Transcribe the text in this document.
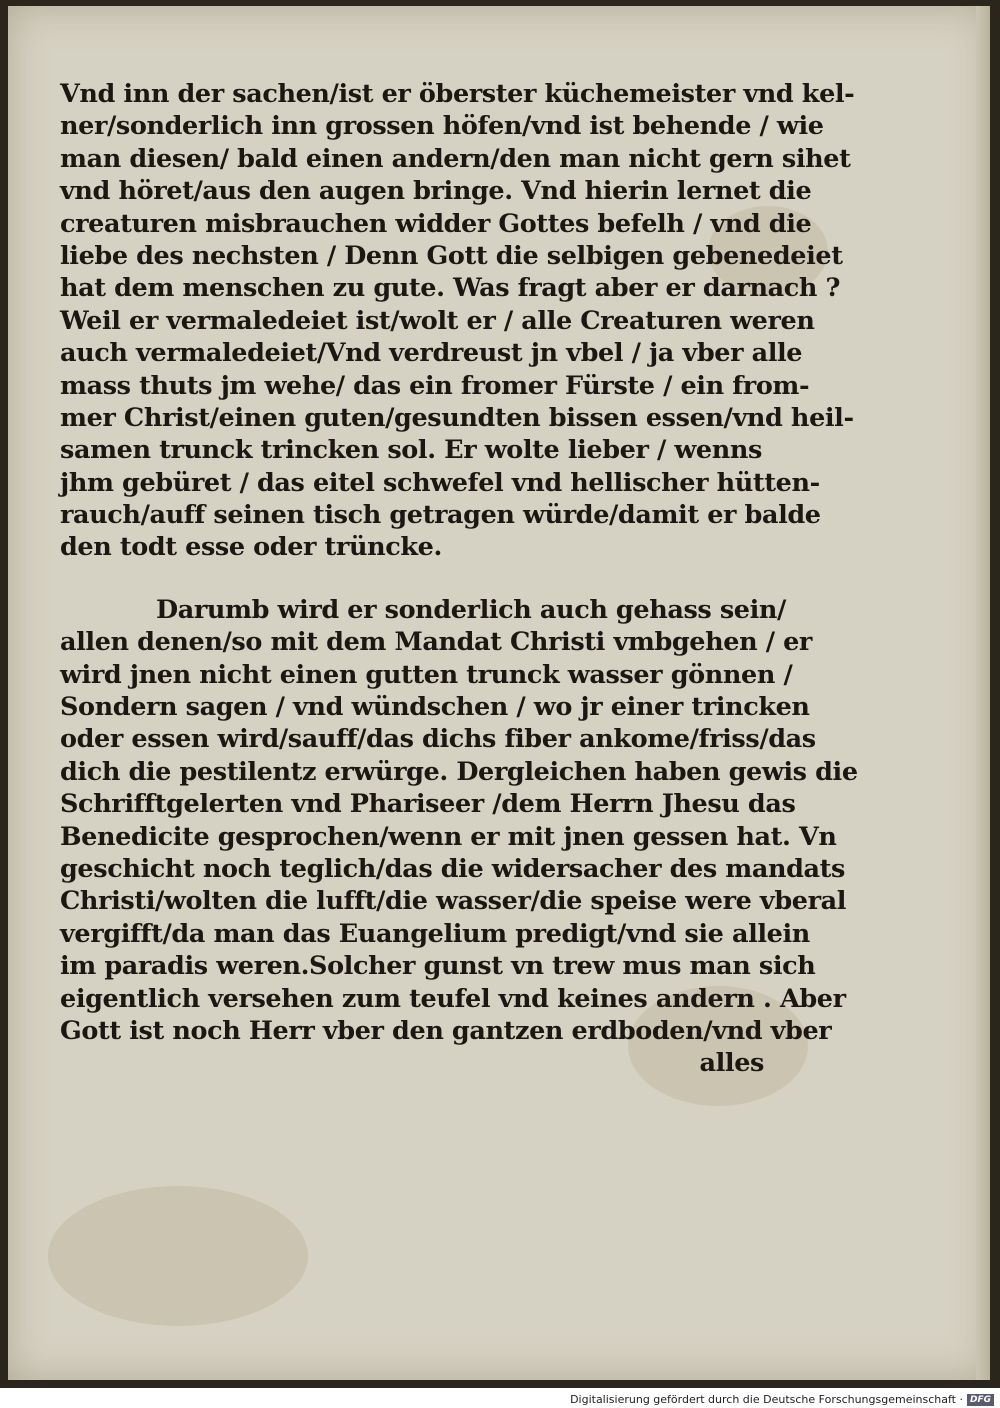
Vnd inn der sachen/ist er öberster küchemeister vnd kel-
ner/sonderlich inn grossen höfen/vnd ist behende / wie
man diesen/ bald einen andern/den man nicht gern sihet
vnd höret/aus den augen bringe. Vnd hierin lernet die
creaturen misbrauchen widder Gottes befelh / vnd die
liebe des nechsten / Denn Gott die selbigen gebenedeiet
hat dem menschen zu gute. Was fragt aber er darnach ?
Weil er vermaledeiet ist/wolt er / alle Creaturen weren
auch vermaledeiet/Vnd verdreust jn vbel / ja vber alle
mass thuts jm wehe/ das ein fromer Fürste / ein from-
mer Christ/einen guten/gesundten bissen essen/vnd heil-
samen trunck trincken sol. Er wolte lieber / wenns
jhm gebüret / das eitel schwefel vnd hellischer hütten-
rauch/auff seinen tisch getragen würde/damit er balde
den todt esse oder trüncke.
Darumb wird er sonderlich auch gehass sein/
allen denen/so mit dem Mandat Christi vmbgehen / er
wird jnen nicht einen gutten trunck wasser gönnen /
Sondern sagen / vnd wündschen / wo jr einer trincken
oder essen wird/sauff/das dichs fiber ankome/friss/das
dich die pestilentz erwürge. Dergleichen haben gewis die
Schrifftgelerten vnd Phariseer /dem Herrn Jhesu das
Benedicite gesprochen/wenn er mit jnen gessen hat. Vn
geschicht noch teglich/das die widersacher des mandats
Christi/wolten die lufft/die wasser/die speise were vberal
vergifft/da man das Euangelium predigt/vnd sie allein
im paradis weren.Solcher gunst vn trew mus man sich
eigentlich versehen zum teufel vnd keines andern . Aber
Gott ist noch Herr vber den gantzen erdboden/vnd vber
alles
Digitalisierung gefördert durch die Deutsche Forschungsgemeinschaft · DFG
